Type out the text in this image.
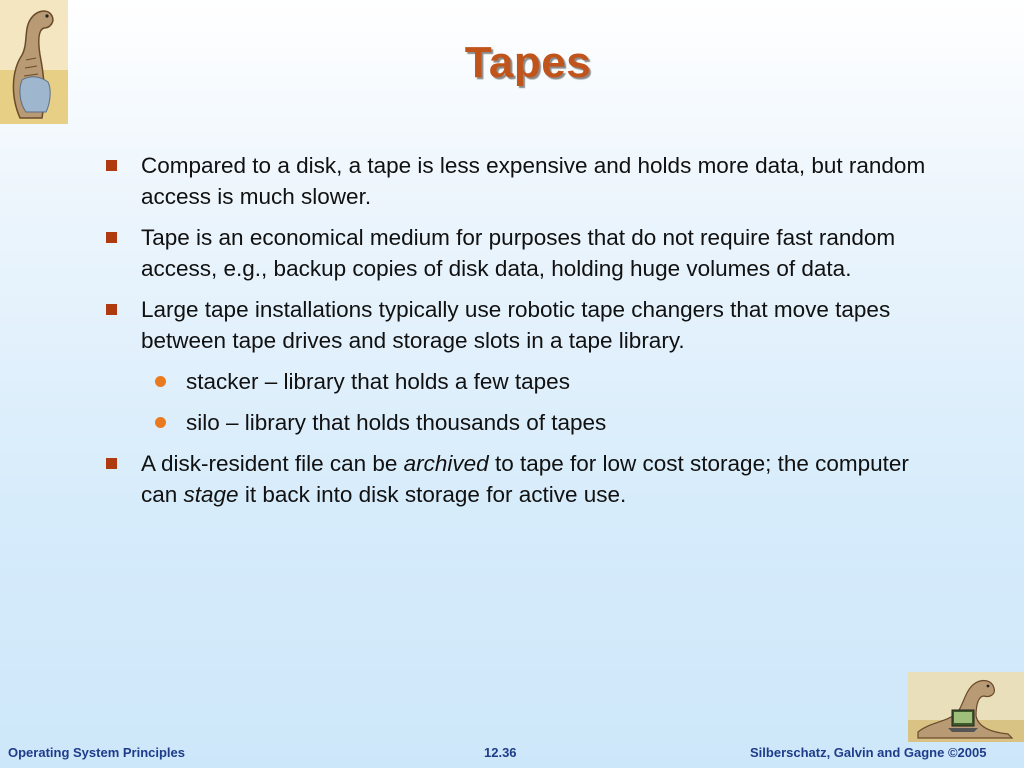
Tapes
Compared to a disk, a tape is less expensive and holds more data, but random access is much slower.
Tape is an economical medium for purposes that do not require fast random access, e.g., backup copies of disk data, holding huge volumes of data.
Large tape installations typically use robotic tape changers that move tapes between tape drives and storage slots in a tape library.
stacker – library that holds a few tapes
silo – library that holds thousands of tapes
A disk-resident file can be archived to tape for low cost storage; the computer can stage it back into disk storage for active use.
Operating System Principles	12.36	Silberschatz, Galvin and Gagne ©2005
